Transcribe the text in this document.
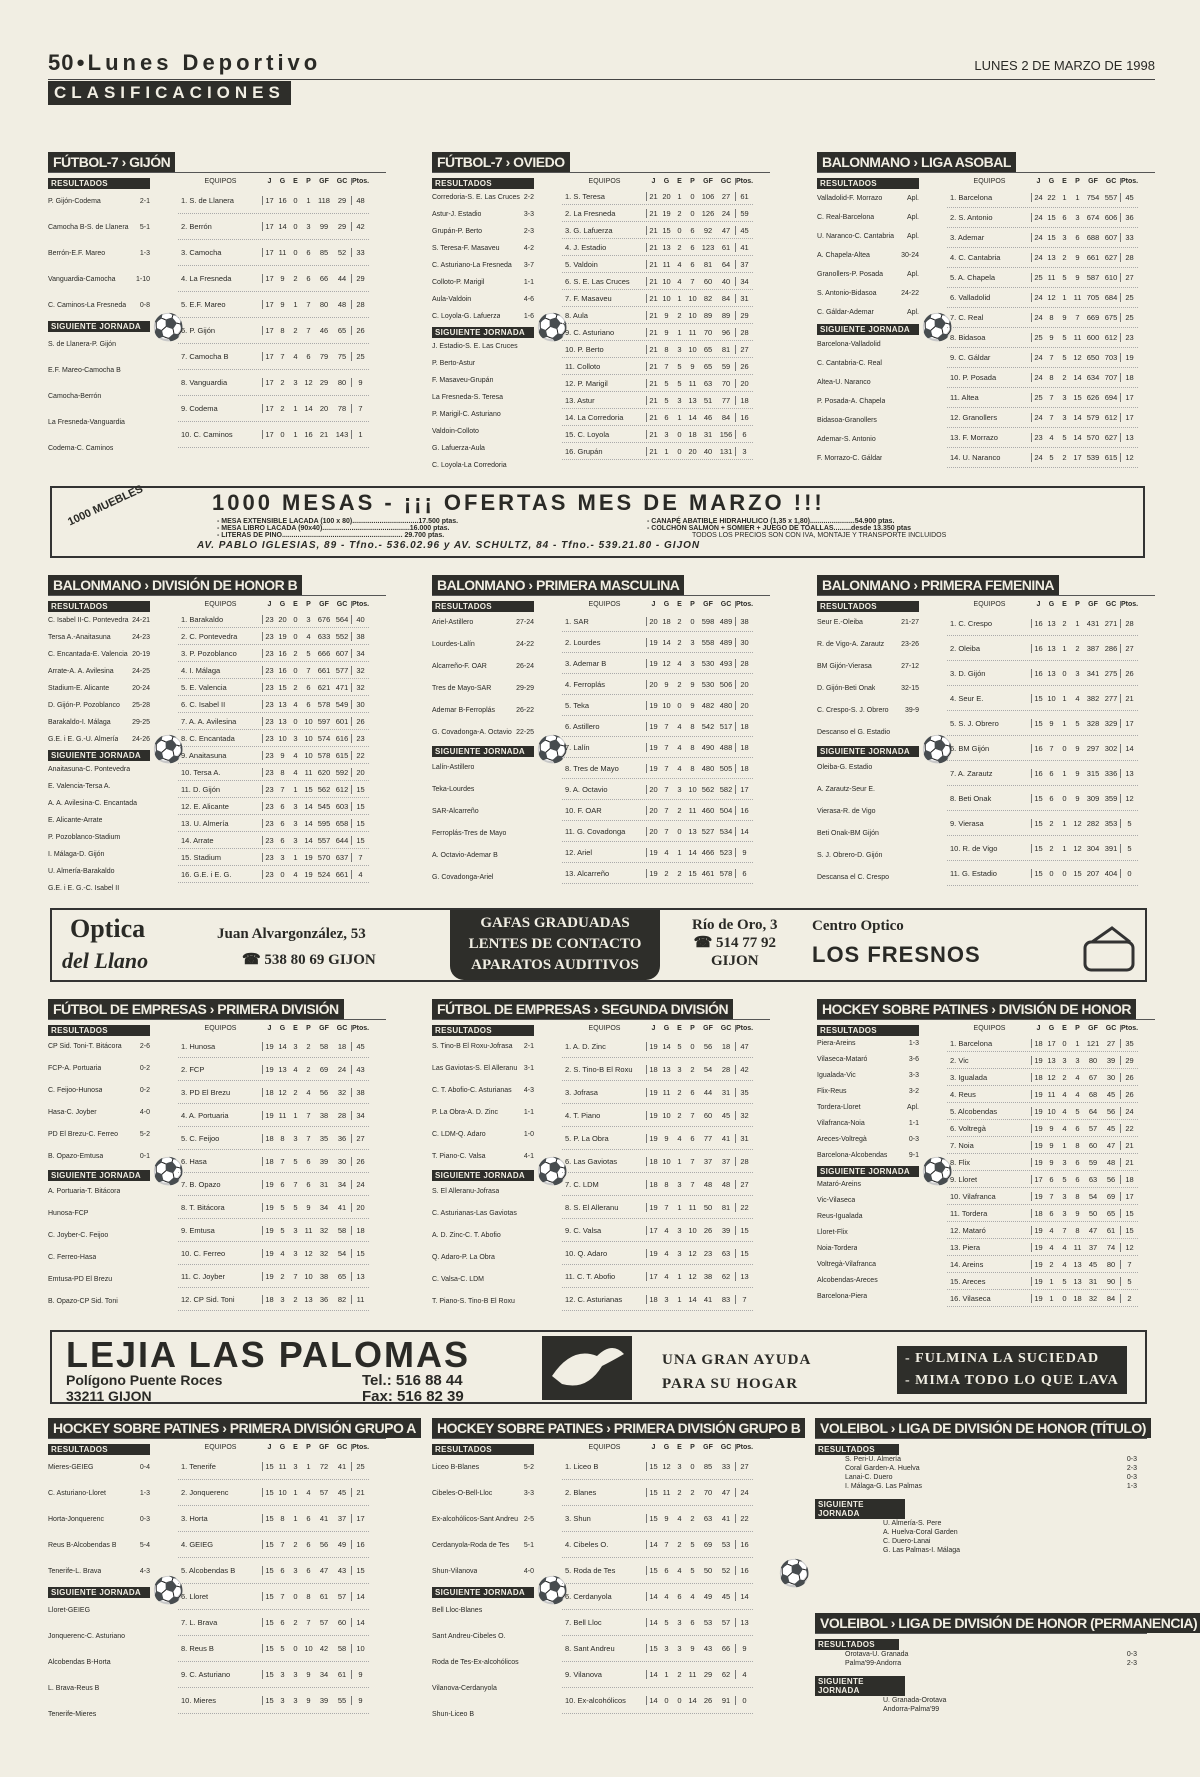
50 • Lunes Deportivo	LUNES 2 DE MARZO DE 1998
CLASIFICACIONES
FÚTBOL-7 › GIJÓN
RESULTADOS
P. Gijón-Codema	2-1
Camocha B-S. de Llanera 5-1
Berrón-E.F. Mareo	1-3
Vanguardia-Camocha	1-10
C. Caminos-La Fresneda 0-8
SIGUIENTE JORNADA
S. de Llanera-P. Gijón
E.F. Mareo-Camocha B
Camocha-Berrón
La Fresneda-Vanguardia
Codema-C. Caminos
⚽
EQUIPOS	J	G	E	P	GF	GC Ptos.
1. S. de Llanera	17 16 0	1 118	29	48
2. Berrón	17 14 0	3	99	29	42
3. Camocha	17 11 0	6	85	52	33
4. La Fresneda	17 9	2	6	66	44	29
5. E.F. Mareo	17 9	1	7	80	48	28
6. P. Gijón	17 8	2	7	46	65	26
7. Camocha B	17 7	4	6	79	75	25
8. Vanguardia	17 2	3 12 29	80	9
9. Codema	17 2	1 14 20	78	7
10. C. Caminos	17 0	1 16 21	143	1
FÚTBOL-7 › OVIEDO
RESULTADOS
Corredoria-S. E. Las Cruces 2-2
Astur-J. Estadio	3-3
Grupán-P. Berto	2-3
S. Teresa-F. Masaveu	4-2
C. Asturiano-La Fresneda 3-7
Colloto-P. Marigil	1-1
Aula-Valdoin	4-6
C. Loyola-G. Lafuerza	1-6
SIGUIENTE JORNADA
J. Estadio-S. E. Las Cruces
P. Berto-Astur
F. Masaveu-Grupán
La Fresneda-S. Teresa
P. Marigil-C. Asturiano
Valdoin-Colloto
G. Lafuerza-Aula
C. Loyola-La Corredoria
⚽
EQUIPOS	J	G	E	P	GF	GC Ptos.
1. S. Teresa	21 20 1	0 106	27	61
2. La Fresneda	21 19 2	0 126	24	59
3. G. Lafuerza	21 15 0	6	92	47	45
4. J. Estadio	21 13 2	6 123	61	41
5. Valdoin	21 11 4	6	81	64	37
6. S. E. Las Cruces	21 10 4	7	60	40	34
7. F. Masaveu	21 10 1 10 82	84	31
8. Aula	21 9	2 10 89	89	29
9. C. Asturiano	21 9	1 11 70	96	28
10. P. Berto	21 8	3 10 65	81	27
11. Colloto	21 7	5	9	65	59	26
12. P. Marigil	21 5	5 11 63	70	20
13. Astur	21 5	3 13 51	77	18
14. La Corredoria	21 6	1 14 46	84	16
15. C. Loyola	21 3	0 18 31	156	6
16. Grupán	21 1	0 20 40	131	3
BALONMANO › LIGA ASOBAL
RESULTADOS
Valladolid-F. Morrazo	Apl.
C. Real-Barcelona	Apl.
U. Naranco-C. Cantabria Apl.
A. Chapela-Altea	30-24
Granollers-P. Posada	Apl.
S. Antonio-Bidasoa	24-22
C. Gáldar-Ademar	Apl.
SIGUIENTE JORNADA
Barcelona-Valladolid
C. Cantabria-C. Real
Altea-U. Naranco
P. Posada-A. Chapela
Bidasoa-Granollers
Ademar-S. Antonio
F. Morrazo-C. Gáldar
⚽
EQUIPOS	J	G	E	P	GF	GC Ptos.
1. Barcelona	24 22 1	1 754 557	45
2. S. Antonio	24 15 6	3 674 606	36
3. Ademar	24 15 3	6 688 607	33
4. C. Cantabria	24 13 2	9 661 627	28
5. A. Chapela	25 11 5	9 587 610	27
6. Valladolid	24 12 1 11 705 684	25
7. C. Real	24 8	9	7 669 675	25
8. Bidasoa	25 9	5 11 600 612	23
9. C. Gáldar	24 7	5 12 650 703	19
10. P. Posada	24 8	2 14 634 707	18
11. Altea	25 7	3 15 626 694	17
12. Granollers	24 7	3 14 579 612	17
13. F. Morrazo	23 4	5 14 570 627	13
14. U. Naranco	24 5	2 17 539 615	12
BALONMANO › DIVISIÓN DE HONOR B
RESULTADOS
C. Isabel II-C. Pontevedra 24-21
Tersa A.-Anaitasuna	24-23
C. Encantada-E. Valencia 20-19
Arrate-A. A. Avilesina	24-25
Stadium-E. Alicante	20-24
D. Gijón-P. Pozoblanco 25-28
Barakaldo-I. Málaga	29-25
G.E. i E. G.-U. Almería 24-26
SIGUIENTE JORNADA
Anaitasuna-C. Pontevedra
E. Valencia-Tersa A.
A. A. Avilesina-C. Encantada
E. Alicante-Arrate
P. Pozoblanco-Stadium
I. Málaga-D. Gijón
U. Almería-Barakaldo
G.E. i E. G.-C. Isabel II
⚽
EQUIPOS	J	G	E	P	GF	GC Ptos.
1. Barakaldo	23 20 0	3 676 564	40
2. C. Pontevedra	23 19 0	4 633 552	38
3. P. Pozoblanco	23 16 2	5 666 607	34
4. I. Málaga	23 16 0	7 661 577	32
5. E. Valencia	23 15 2	6 621 471	32
6. C. Isabel II	23 13 4	6 578 549	30
7. A. A. Avilesina	23 13 0 10 597 601	26
8. C. Encantada	23 10 3 10 574 616	23
9. Anaitasuna	23 9	4 10 578 615	22
10. Tersa A.	23 8	4 11 620 592	20
11. D. Gijón	23 7	1 15 562 612	15
12. E. Alicante	23 6	3 14 545 603	15
13. U. Almería	23 6	3 14 595 658	15
14. Arrate	23 6	3 14 557 644	15
15. Stadium	23 3	1 19 570 637	7
16. G.E. i E. G.	23 0	4 19 524 661	4
BALONMANO › PRIMERA MASCULINA
RESULTADOS
Ariel-Astillero	27-24
Lourdes-Lalín	24-22
Alcarreño-F. OAR	26-24
Tres de Mayo-SAR	29-29
Ademar B-Ferroplás	26-22
G. Covadonga-A. Octavio 22-25
SIGUIENTE JORNADA
Lalín-Astillero
Teka-Lourdes
SAR-Alcarreño
Ferroplás-Tres de Mayo
A. Octavio-Ademar B
G. Covadonga-Ariel
⚽
EQUIPOS	J	G	E	P	GF	GC Ptos.
1. SAR	20 18 2	0 598 489	38
2. Lourdes	19 14 2	3 558 489	30
3. Ademar B	19 12 4	3 530 493	28
4. Ferroplás	20 9	2	9 530 506	20
5. Teka	19 10 0	9 482 480	20
6. Astillero	19 7	4	8 542 517	18
7. Lalín	19 7	4	8 490 488	18
8. Tres de Mayo	19 7	4	8 480 505	18
9. A. Octavio	20 7	3 10 562 582	17
10. F. OAR	20 7	2 11 460 504	16
11. G. Covadonga	20 7	0 13 527 534	14
12. Ariel	19 4	1 14 466 523	9
13. Alcarreño	19 2	2 15 461 578	6
BALONMANO › PRIMERA FEMENINA
RESULTADOS
Seur E.-Oleiba	21-27
R. de Vigo-A. Zarautz 23-26
BM Gijón-Vierasa	27-12
D. Gijón-Beti Onak	32-15
C. Crespo-S. J. Obrero 39-9
Descanso el G. Estadio
SIGUIENTE JORNADA
Oleiba-G. Estadio
A. Zarautz-Seur E.
Vierasa-R. de Vigo
Beti Onak-BM Gijón
S. J. Obrero-D. Gijón
Descansa el C. Crespo
⚽
EQUIPOS	J	G	E	P	GF	GC Ptos.
1. C. Crespo	16 13 2	1 431 271	28
2. Oleiba	16 13 1	2 387 286	27
3. D. Gijón	16 13 0	3 341 275	26
4. Seur E.	15 10 1	4 382 277	21
5. S. J. Obrero	15 9	1	5 328 329	17
6. BM Gijón	16 7	0	9 297 302	14
7. A. Zarautz	16 6	1	9 315 336	13
8. Beti Onak	15 6	0	9 309 359	12
9. Vierasa	15 2	1 12 282 353	5
10. R. de Vigo	15 2	1 12 304 391	5
11. G. Estadio	15 0	0 15 207 404	0
FÚTBOL DE EMPRESAS › PRIMERA DIVISIÓN
RESULTADOS
CP Sid. Toni-T. Bitácora	2-6
FCP-A. Portuaria	0-2
C. Feijoo-Hunosa	0-2
Hasa-C. Joyber	4-0
PD El Brezu-C. Ferreo	5-2
B. Opazo-Emtusa	0-1
SIGUIENTE JORNADA
A. Portuaria-T. Bitácora
Hunosa-FCP
C. Joyber-C. Feijoo
C. Ferreo-Hasa
Emtusa-PD El Brezu
B. Opazo-CP Sid. Toni
⚽
EQUIPOS	J	G	E	P	GF	GC Ptos.
1. Hunosa	19 14 3	2	58	18	45
2. FCP	19 13 4	2	69	24	43
3. PD El Brezu	18 12 2	4	56	32	38
4. A. Portuaria	19 11 1	7	38	28	34
5. C. Feijoo	18 8	3	7	35	36	27
6. Hasa	18 7	5	6	39	30	26
7. B. Opazo	19 6	7	6	31	34	24
8. T. Bitácora	19 5	5	9	34	41	20
9. Emtusa	19 5	3 11 32	58	18
10. C. Ferreo	19 4	3 12 32	54	15
11. C. Joyber	19 2	7 10 38	65	13
12. CP Sid. Toni	18 3	2 13 36	82	11
FÚTBOL DE EMPRESAS › SEGUNDA DIVISIÓN
RESULTADOS
S. Tino-B El Roxu-Jofrasa 2-1
Las Gaviotas-S. El Alleranu 3-1
C. T. Abofio-C. Asturianas 4-3
P. La Obra-A. D. Zinc	1-1
C. LDM-Q. Adaro	1-0
T. Piano-C. Valsa	4-1
SIGUIENTE JORNADA
S. El Alleranu-Jofrasa
C. Asturianas-Las Gaviotas
A. D. Zinc-C. T. Abofio
Q. Adaro-P. La Obra
C. Valsa-C. LDM
T. Piano-S. Tino-B El Roxu
⚽
EQUIPOS	J	G	E	P	GF	GC Ptos.
1. A. D. Zinc	19 14 5	0	56	18	47
2. S. Tino-B El Roxu	18 13 3	2	54	28	42
3. Jofrasa	19 11 2	6	44	31	35
4. T. Piano	19 10 2	7	60	45	32
5. P. La Obra	19 9	4	6	77	41	31
6. Las Gaviotas	18 10 1	7	37	37	28
7. C. LDM	18 8	3	7	48	48	27
8. S. El Alleranu	19 7	1 11 50	81	22
9. C. Valsa	17 4	3 10 26	39	15
10. Q. Adaro	19 4	3 12 23	63	15
11. C. T. Abofio	17 4	1 12 38	62	13
12. C. Asturianas	18 3	1 14 41	83	7
HOCKEY SOBRE PATINES › DIVISIÓN DE HONOR
RESULTADOS
Piera-Areins	1-3
Vilaseca-Mataró	3-6
Igualada-Vic	3-3
Flix-Reus	3-2
Tordera-Lloret	Apl.
Vilafranca-Noia	1-1
Areces-Voltregà	0-3
Barcelona-Alcobendas	9-1
SIGUIENTE JORNADA
Mataró-Areins
Vic-Vilaseca
Reus-Igualada
Lloret-Flix
Noia-Tordera
Voltregà-Vilafranca
Alcobendas-Areces
Barcelona-Piera
⚽
EQUIPOS	J	G	E	P	GF	GC Ptos.
1. Barcelona	18 17 0	1 121	27	35
2. Vic	19 13 3	3	80	39	29
3. Igualada	18 12 2	4	67	30	26
4. Reus	19 11 4	4	68	45	26
5. Alcobendas	19 10 4	5	64	56	24
6. Voltregà	19 9	4	6	57	45	22
7. Noia	19 9	1	8	60	47	21
8. Flix	19 9	3	6	59	48	21
9. Lloret	17 6	5	6	63	56	18
10. Vilafranca	19 7	3	8	54	69	17
11. Tordera	18 6	3	9	50	65	15
12. Mataró	19 4	7	8	47	61	15
13. Piera	19 4	4 11 37	74	12
14. Areins	19 2	4 13 45	80	7
15. Areces	19 1	5 13 31	90	5
16. Vilaseca	19 1	0 18 32	84	2
HOCKEY SOBRE PATINES › PRIMERA DIVISIÓN GRUPO A
RESULTADOS
Mieres-GEIEG	0-4
C. Asturiano-Lloret	1-3
Horta-Jonquerenc	0-3
Reus B-Alcobendas B	5-4
Tenerife-L. Brava	4-3
SIGUIENTE JORNADA
Lloret-GEIEG
Jonquerenc-C. Asturiano
Alcobendas B-Horta
L. Brava-Reus B
Tenerife-Mieres
⚽
EQUIPOS	J	G	E	P	GF	GC Ptos.
1. Tenerife	15 11 3	1	72	41	25
2. Jonquerenc	15 10 1	4	57	45	21
3. Horta	15 8	1	6	41	37	17
4. GEIEG	15 7	2	6	56	49	16
5. Alcobendas B	15 6	3	6	47	43	15
6. Lloret	15 7	0	8	61	57	14
7. L. Brava	15 6	2	7	57	60	14
8. Reus B	15 5	0 10 42	58	10
9. C. Asturiano	15 3	3	9	34	61	9
10. Mieres	15 3	3	9	39	55	9
HOCKEY SOBRE PATINES › PRIMERA DIVISIÓN GRUPO B
RESULTADOS
Liceo B-Blanes	5-2
Cibeles-O-Bell-Lloc	3-3
Ex-alcohólicos-Sant Andreu 2-5
Cerdanyola-Roda de Tes 5-1
Shun-Vilanova	4-0
SIGUIENTE JORNADA
Bell Lloc-Blanes
Sant Andreu-Cibeles O.
Roda de Tes-Ex-alcohólicos
Vilanova-Cerdanyola
Shun-Liceo B
⚽
EQUIPOS	J	G	E	P	GF	GC Ptos.
1. Liceo B	15 12 3	0	85	33	27
2. Blanes	15 11 2	2	70	47	24
3. Shun	15 9	4	2	63	41	22
4. Cibeles O.	14 7	2	5	69	53	16
5. Roda de Tes	15 6	4	5	50	52	16
6. Cerdanyola	14 4	6	4	49	45	14
7. Bell Lloc	14 5	3	6	53	57	13
8. Sant Andreu	15 3	3	9	43	66	9
9. Vilanova	14 1	2 11 29	62	4
10. Ex-alcohólicos	14 0	0 14 26	91	0
1000 MUEBLES	1000 MESAS - ¡¡¡ OFERTAS MES DE MARZO !!!
- MESA EXTENSIBLE LACADA (100 x 80)..................................17.500 ptas.
- MESA LIBRO LACADA (90x40).............................................16.000 ptas.
- LITERAS DE PINO.............................................................. 29.700 ptas.
- CANAPÉ ABATIBLE HIDRAHULICO (1,35 x 1,80).......................54.900 ptas.
- COLCHÓN SALMÓN + SOMIER + JUEGO DE TOALLAS.........desde 13.350 ptas
TODOS LOS PRECIOS SON CON IVA, MONTAJE Y TRANSPORTE INCLUIDOS
AV. PABLO IGLESIAS, 89 - Tfno.- 536.02.96 y AV. SCHULTZ, 84 - Tfno.- 539.21.80 - GIJON
Optica
del Llano
Juan Alvargonzález, 53
☎ 538 80 69 GIJON
GAFAS GRADUADAS
LENTES DE CONTACTO
APARATOS AUDITIVOS
Río de Oro, 3
☎ 514 77 92
GIJON
Centro Optico
LOS FRESNOS
LEJIA LAS PALOMAS
Polígono Puente Roces
33211 GIJON
Tel.: 516 88 44
Fax: 516 82 39
UNA GRAN AYUDA
PARA SU HOGAR
- FULMINA LA SUCIEDAD
- MIMA TODO LO QUE LAVA
VOLEIBOL › LIGA DE DIVISIÓN DE HONOR (TÍTULO)
RESULTADOS
S. Peri-U. Almería	0-3
Coral Garden-A. Huelva	2-3
Lanai-C. Duero	0-3
I. Málaga-G. Las Palmas	1-3
SIGUIENTE JORNADA
U. Almería-S. Pere
A. Huelva-Coral Garden
C. Duero-Lanai
G. Las Palmas-I. Málaga
VOLEIBOL › LIGA DE DIVISIÓN DE HONOR (PERMANENCIA)
RESULTADOS
Orotava-U. Granada	0-3
Palma'99-Andorra	2-3
SIGUIENTE JORNADA
U. Granada-Orotava
Andorra-Palma'99
⚽
